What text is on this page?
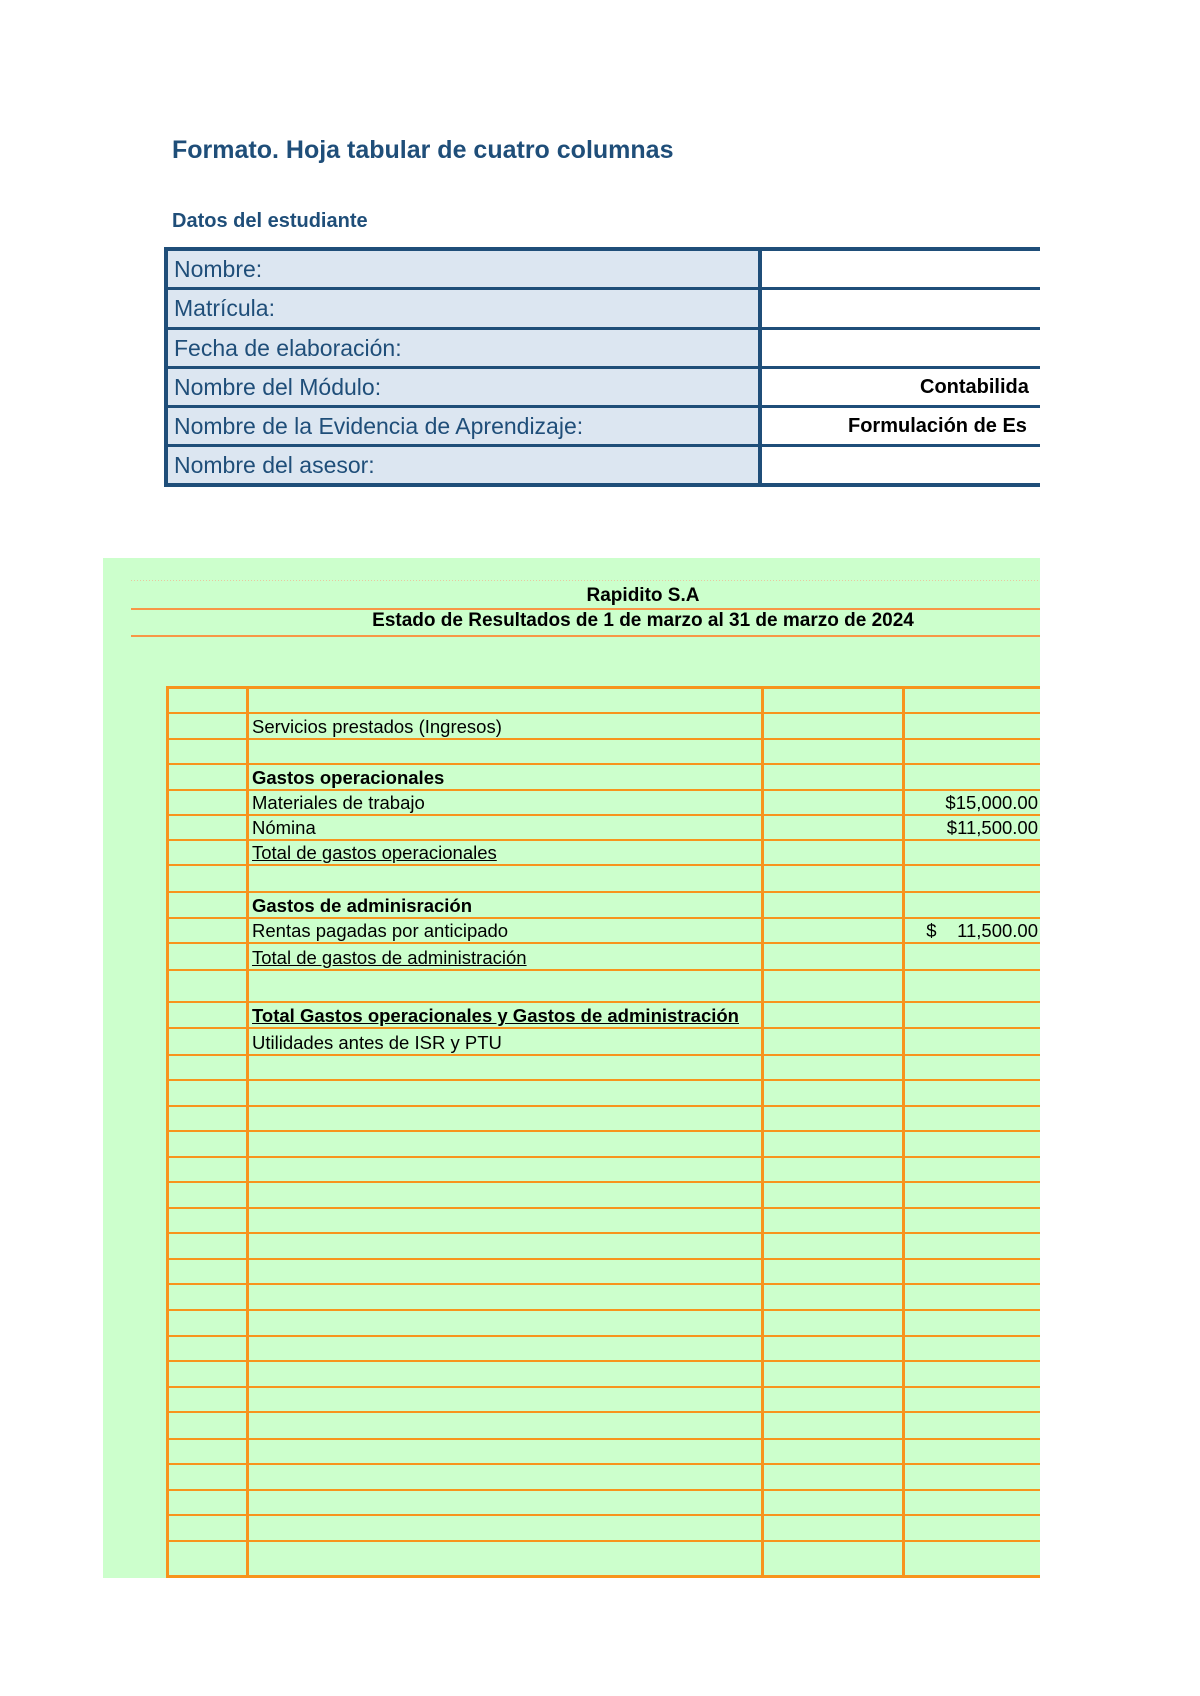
Formato. Hoja tabular de cuatro columnas
Datos del estudiante
Nombre:
Matrícula:
Fecha de elaboración:
Nombre del Módulo:	Contabilida
Nombre de la Evidencia de Aprendizaje:	Formulación de Es
Nombre del asesor:
Rapidito S.A
Estado de Resultados de 1 de marzo al 31 de marzo de 2024
Servicios prestados (Ingresos)
Gastos operacionales
Materiales de trabajo	$15,000.00
Nómina	$11,500.00
Total de gastos operacionales
Gastos de adminisración
Rentas pagadas por anticipado	$    11,500.00
Total de gastos de administración
Total Gastos operacionales y Gastos de administración
Utilidades antes de ISR y PTU
